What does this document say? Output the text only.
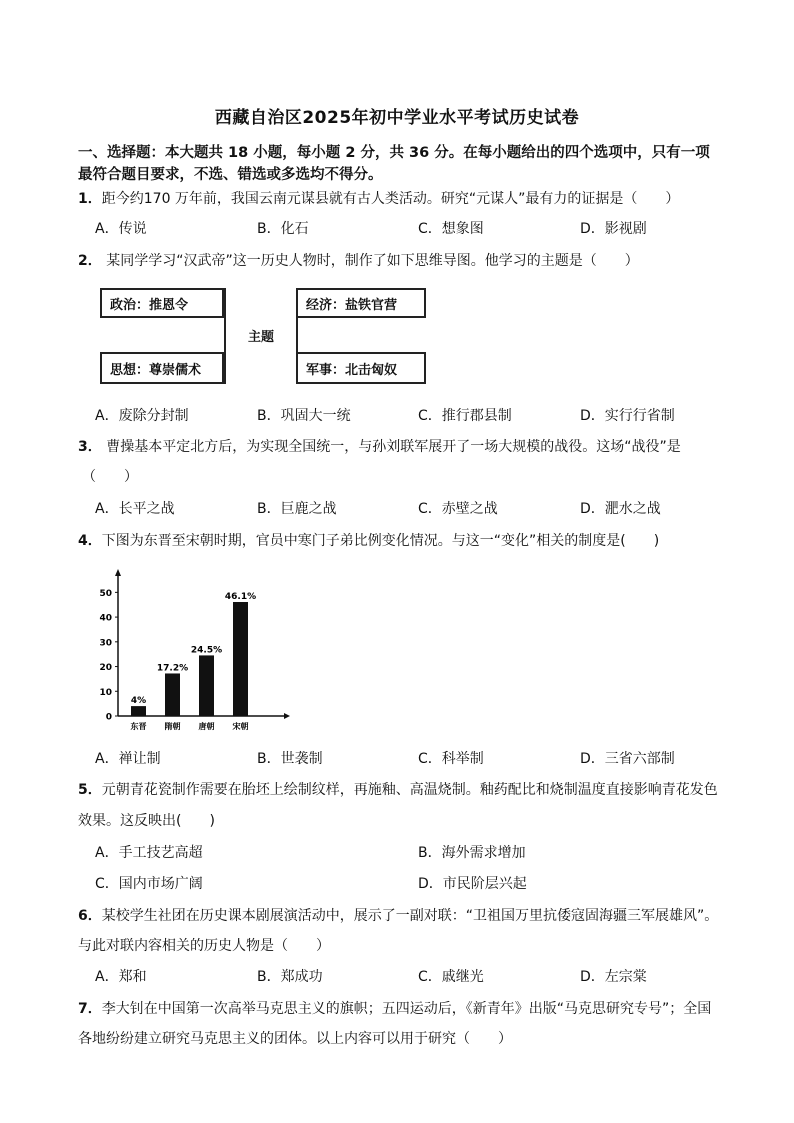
西藏自治区2025年初中学业水平考试历史试卷
一、选择题：本大题共 18 小题，每小题 2 分，共 36 分。在每小题给出的四个选项中，只有一项
最符合题目要求，不选、错选或多选均不得分。
1．距今约170 万年前，我国云南元谋县就有古人类活动。研究“元谋人”最有力的证据是（　　）
A．传说	B．化石	C．想象图	D．影视剧
2． 某同学学习“汉武帝”这一历史人物时，制作了如下思维导图。他学习的主题是（　　）
政治：推恩令	经济：盐铁官营
思想：尊崇儒术	军事：北击匈奴
主题
A．废除分封制	B．巩固大一统	C．推行郡县制	D．实行行省制
3． 曹操基本平定北方后，为实现全国统一，与孙刘联军展开了一场大规模的战役。这场“战役”是
（　　）
A．长平之战	B．巨鹿之战	C．赤壁之战	D．淝水之战
4．下图为东晋至宋朝时期，官员中寒门子弟比例变化情况。与这一“变化”相关的制度是(　　)
0
10
20
30
40
50
4%
东晋
17.2%
隋朝
24.5%
唐朝
46.1%
宋朝
A．禅让制	B．世袭制	C．科举制	D．三省六部制
5．元朝青花瓷制作需要在胎坯上绘制纹样，再施釉、高温烧制。釉药配比和烧制温度直接影响青花发色
效果。这反映出(　　)
A．手工技艺高超	B．海外需求增加
C．国内市场广阔	D．市民阶层兴起
6．某校学生社团在历史课本剧展演活动中，展示了一副对联：“卫祖国万里抗倭寇固海疆三军展雄风”。
与此对联内容相关的历史人物是（　　）
A．郑和	B．郑成功	C．戚继光	D．左宗棠
7．李大钊在中国第一次高举马克思主义的旗帜；五四运动后，《新青年》出版“马克思研究专号”；全国
各地纷纷建立研究马克思主义的团体。以上内容可以用于研究（　　）
